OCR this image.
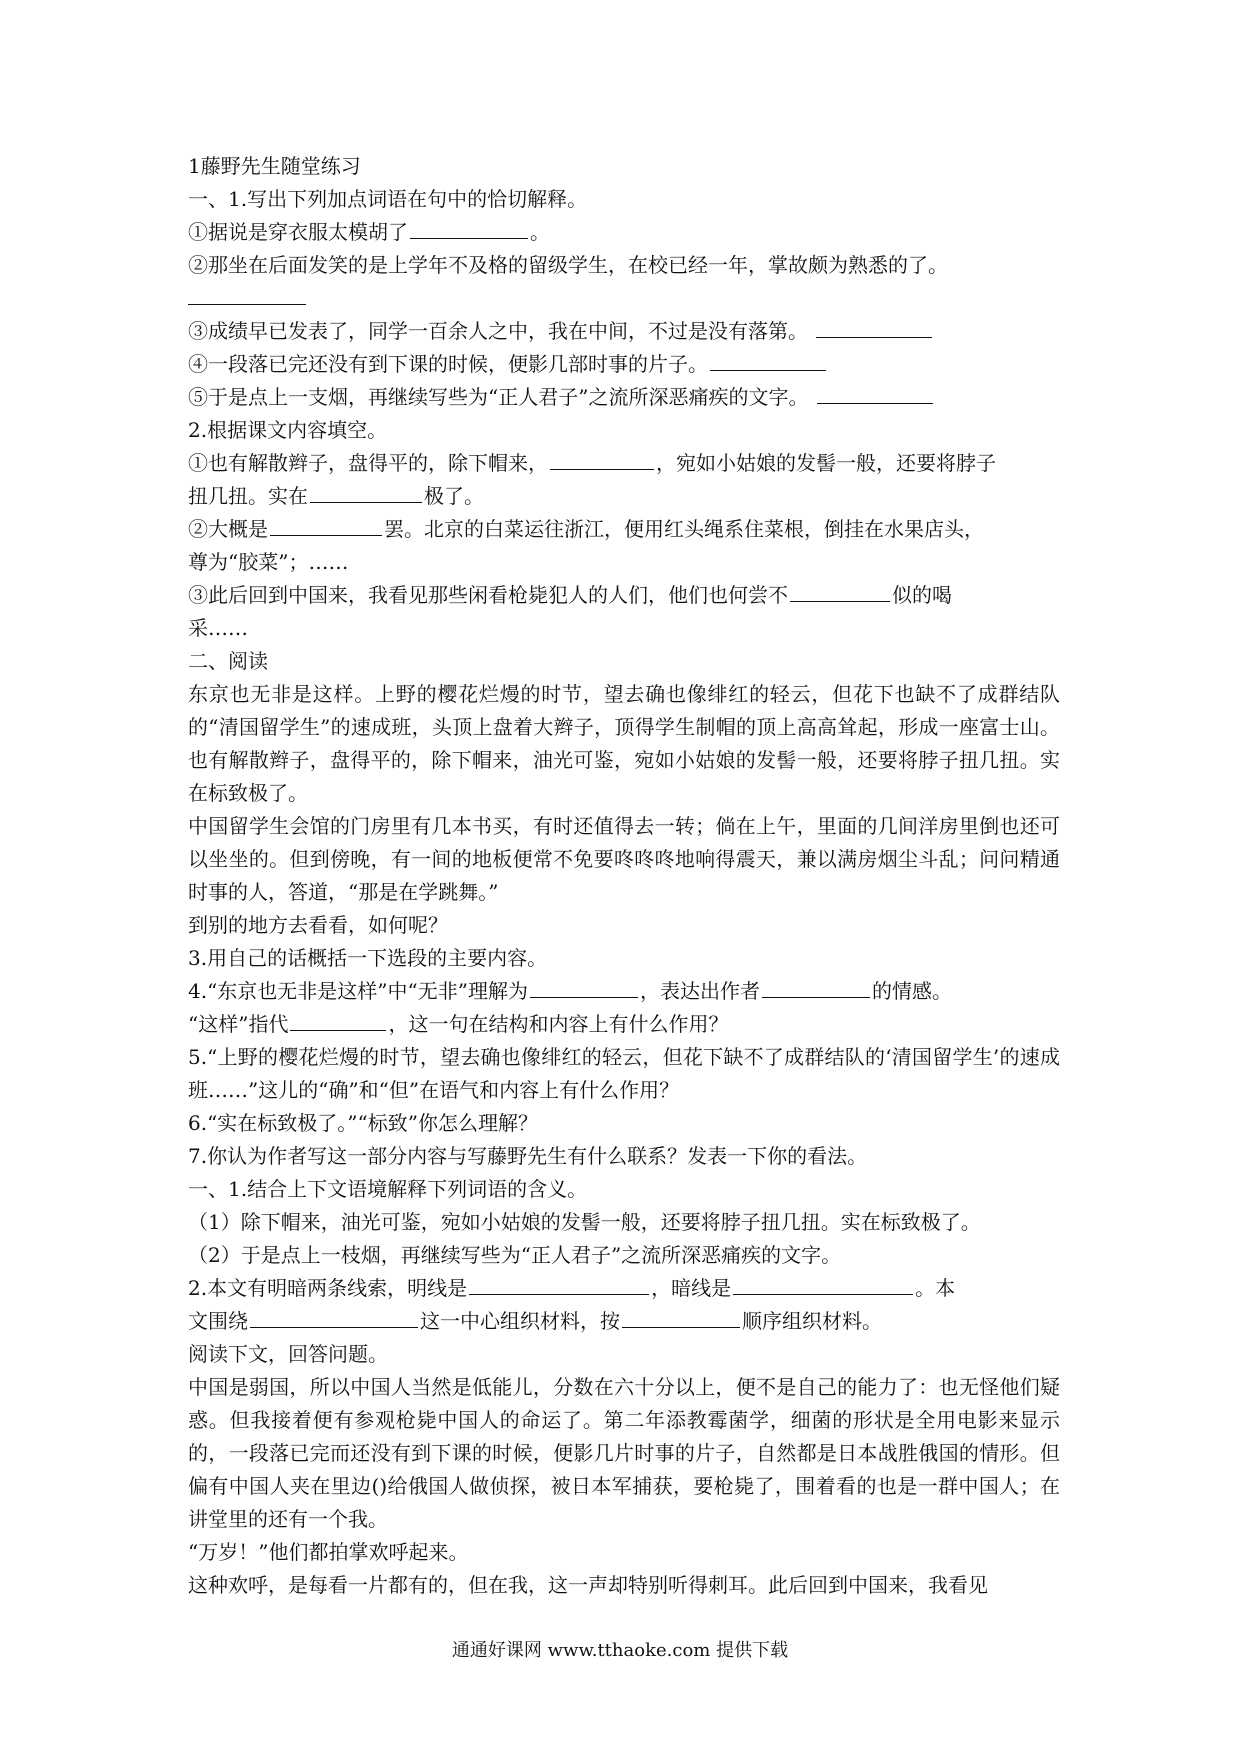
1藤野先生随堂练习
一、1.写出下列加点词语在句中的恰切解释。
①据说是穿衣服太模胡了	。
②那坐在后面发笑的是上学年不及格的留级学生，在校已经一年，掌故颇为熟悉的了。
③成绩早已发表了，同学一百余人之中，我在中间，不过是没有落第。
④一段落已完还没有到下课的时候，便影几部时事的片子。
⑤于是点上一支烟，再继续写些为“正人君子”之流所深恶痛疾的文字。
2.根据课文内容填空。
①也有解散辫子，盘得平的，除下帽来，	，宛如小姑娘的发髻一般，还要将脖子
扭几扭。实在	极了。
②大概是	罢。北京的白菜运往浙江，便用红头绳系住菜根，倒挂在水果店头，
尊为“胶菜”；……
③此后回到中国来，我看见那些闲看枪毙犯人的人们，他们也何尝不	似的喝
采……
二、阅读
东京也无非是这样。上野的樱花烂熳的时节，望去确也像绯红的轻云，但花下也缺不了成群结队的“清国留学生”的速成班，头顶上盘着大辫子，顶得学生制帽的顶上高高耸起，形成一座富士山。也有解散辫子，盘得平的，除下帽来，油光可鉴，宛如小姑娘的发髻一般，还要将脖子扭几扭。实在标致极了。
中国留学生会馆的门房里有几本书买，有时还值得去一转；倘在上午，里面的几间洋房里倒也还可以坐坐的。但到傍晚，有一间的地板便常不免要咚咚咚地响得震天，兼以满房烟尘斗乱；问问精通时事的人，答道，“那是在学跳舞。”
到别的地方去看看，如何呢？
3.用自己的话概括一下选段的主要内容。
4.“东京也无非是这样”中“无非”理解为	，表达出作者	的情感。
“这样”指代	，这一句在结构和内容上有什么作用？
5.“上野的樱花烂熳的时节，望去确也像绯红的轻云，但花下缺不了成群结队的‘清国留学生’的速成班……”这儿的“确”和“但”在语气和内容上有什么作用？
6.“实在标致极了。”“标致”你怎么理解？
7.你认为作者写这一部分内容与写藤野先生有什么联系？发表一下你的看法。
一、1.结合上下文语境解释下列词语的含义。
（1）除下帽来，油光可鉴，宛如小姑娘的发髻一般，还要将脖子扭几扭。实在标致极了。
（2）于是点上一枝烟，再继续写些为“正人君子”之流所深恶痛疾的文字。
2.本文有明暗两条线索，明线是	，暗线是	。本
文围绕	这一中心组织材料，按	顺序组织材料。
阅读下文，回答问题。
中国是弱国，所以中国人当然是低能儿，分数在六十分以上，便不是自己的能力了：也无怪他们疑惑。但我接着便有参观枪毙中国人的命运了。第二年添教霉菌学，细菌的形状是全用电影来显示的，一段落已完而还没有到下课的时候，便影几片时事的片子，自然都是日本战胜俄国的情形。但偏有中国人夹在里边()给俄国人做侦探，被日本军捕获，要枪毙了，围着看的也是一群中国人；在讲堂里的还有一个我。
“万岁！”他们都拍掌欢呼起来。
这种欢呼，是每看一片都有的，但在我，这一声却特别听得刺耳。此后回到中国来，我看见
通通好课网 www.tthaoke.com 提供下载
